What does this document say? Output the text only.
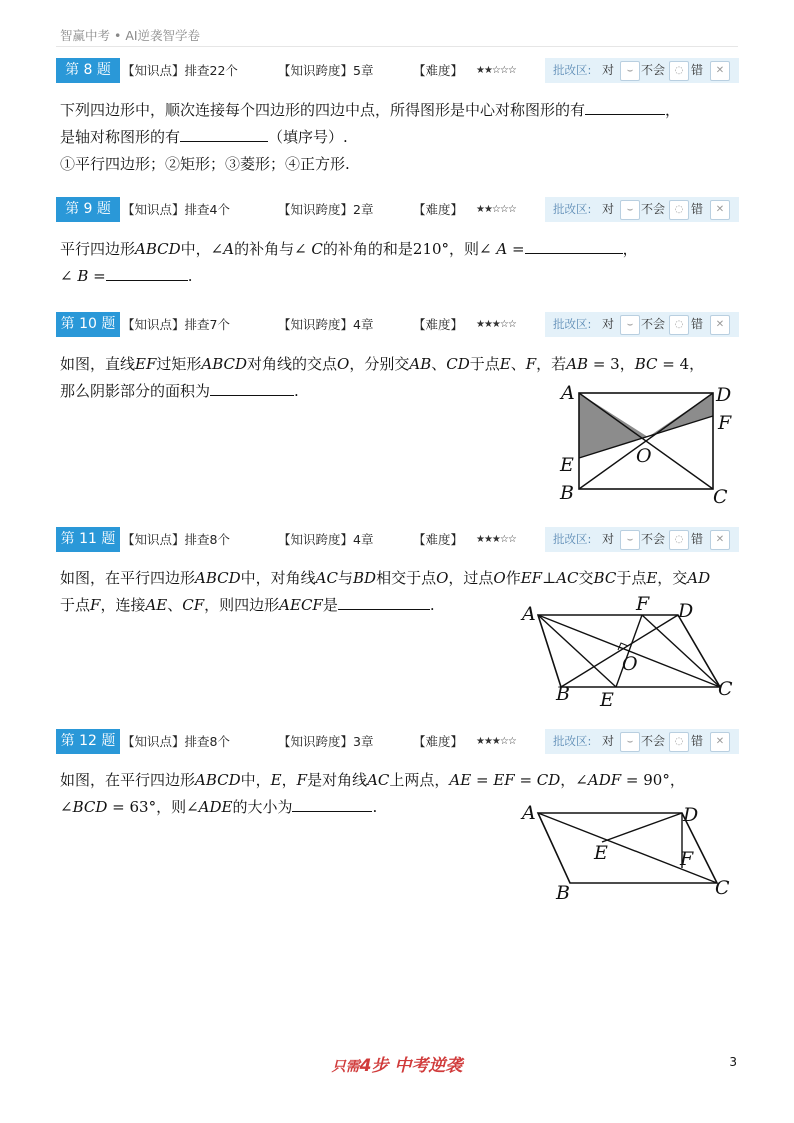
智赢中考 • AI逆袭智学卷
第 8 题 【知识点】排查22个	【知识跨度】5章	【难度】 ★★☆☆☆	批改区: 对	⌣ 不会 ◌ 错	✕
下列四边形中，顺次连接每个四边形的四边中点，所得图形是中心对称图形的有	，
是轴对称图形的有	（填序号）.
①平行四边形；②矩形；③菱形；④正方形.
第 9 题 【知识点】排查4个	【知识跨度】2章	【难度】 ★★☆☆☆	批改区: 对	⌣ 不会 ◌ 错	✕
平行四边形ABCD中，∠A的补角与∠ C的补角的和是210°，则∠ A =	，
∠ B =	.
第 10 题 【知识点】排查7个	【知识跨度】4章	【难度】 ★★★☆☆	批改区: 对	⌣ 不会 ◌ 错	✕
如图，直线EF过矩形ABCD对角线的交点O，分别交AB、CD于点E、F，若AB = 3，BC = 4，
那么阴影部分的面积为	.	A	D
F
O
E
B	C
第 11 题 【知识点】排查8个	【知识跨度】4章	【难度】 ★★★☆☆	批改区: 对	⌣ 不会 ◌ 错	✕
如图，在平行四边形ABCD中，对角线AC与BD相交于点O，过点O作EF⊥AC交BC于点E，交AD
于点F，连接AE、CF，则四边形AECF是	.	A	F D
O
B E	C
第 12 题 【知识点】排查8个	【知识跨度】3章	【难度】 ★★★☆☆	批改区: 对	⌣ 不会 ◌ 错	✕
如图，在平行四边形ABCD中，E，F是对角线AC上两点，AE = EF = CD，∠ADF = 90°，
∠BCD = 63°，则∠ADE的大小为	.	A	D
E	F
B	C
只需4步 中考逆袭	3
